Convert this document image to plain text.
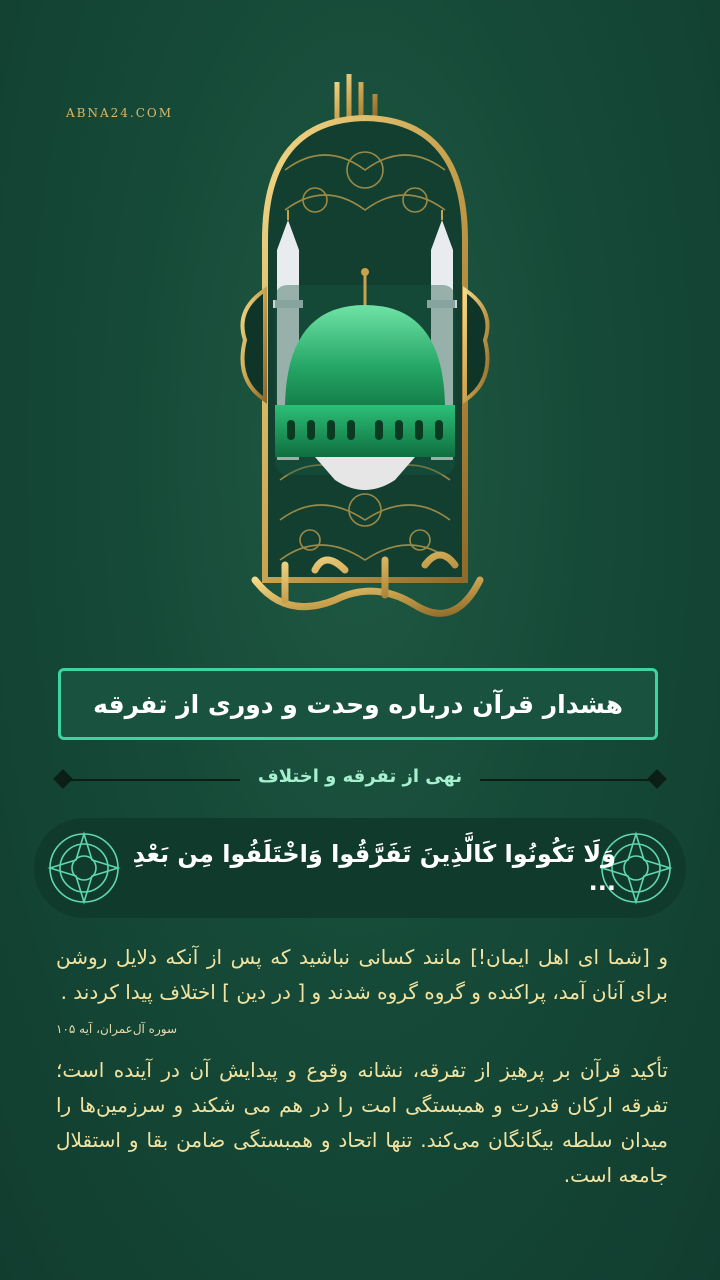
ABNA24.COM
هشدار قرآن درباره وحدت و دوری از تفرقه
نهی از تفرقه و اختلاف
وَلَا تَكُونُوا كَالَّذِينَ تَفَرَّقُوا وَاخْتَلَفُوا مِن بَعْدِ ...
و [شما ای اهل ایمان!] مانند کسانی نباشید که پس از آنکه دلایل روشن برای آنان آمد، پراکنده و گروه گروه شدند و [ در دین ] اختلاف پیدا کردند .
سوره آل‌عمران، آیه ۱۰۵
تأکید قرآن بر پرهیز از تفرقه، نشانه وقوع و پیدایش آن در آینده است؛ تفرقه ارکان قدرت و همبستگی امت را در هم می شکند و سرزمین‌ها را میدان سلطه بیگانگان می‌کند. تنها اتحاد و همبستگی ضامن بقا و استقلال جامعه است.
